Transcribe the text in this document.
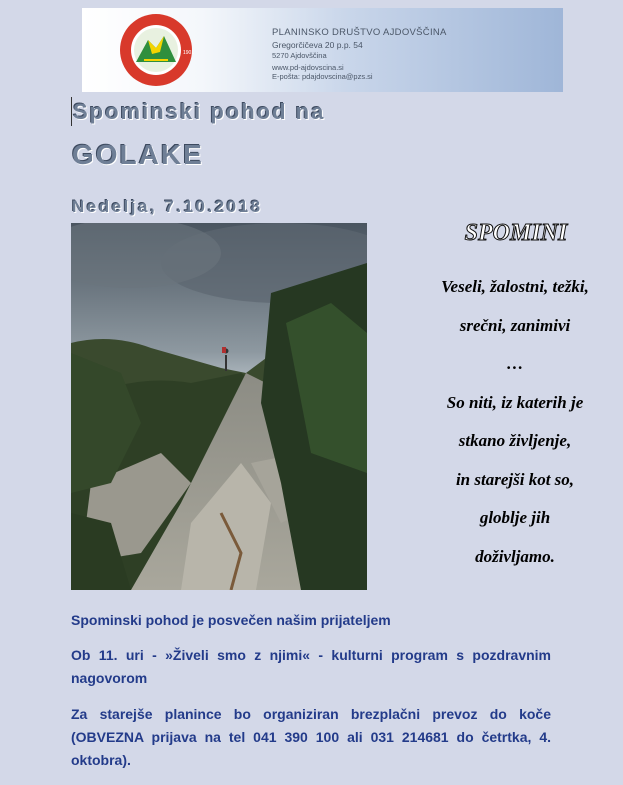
1901
PLANINSKO DRUŠTVO AJDOVŠČINA
Gregorčičeva 20 p.p. 54
5270 Ajdovščina
www.pd-ajdovscina.si
E-pošta: pdajdovscina@pzs.si
Spominski pohod na
GOLAKE
Nedelja, 7.10.2018
SPOMINI
Veseli, žalostni, težki,
srečni, zanimivi
…
So niti, iz katerih je
stkano življenje,
in starejši kot so,
globlje jih
doživljamo.
Spominski pohod je posvečen našim prijateljem
Ob 11. uri - »Živeli smo z njimi« - kulturni program s pozdravnim nagovorom
Za starejše planince bo organiziran brezplačni prevoz do koče (OBVEZNA prijava na tel 041 390 100 ali 031 214681 do četrtka, 4. oktobra).
